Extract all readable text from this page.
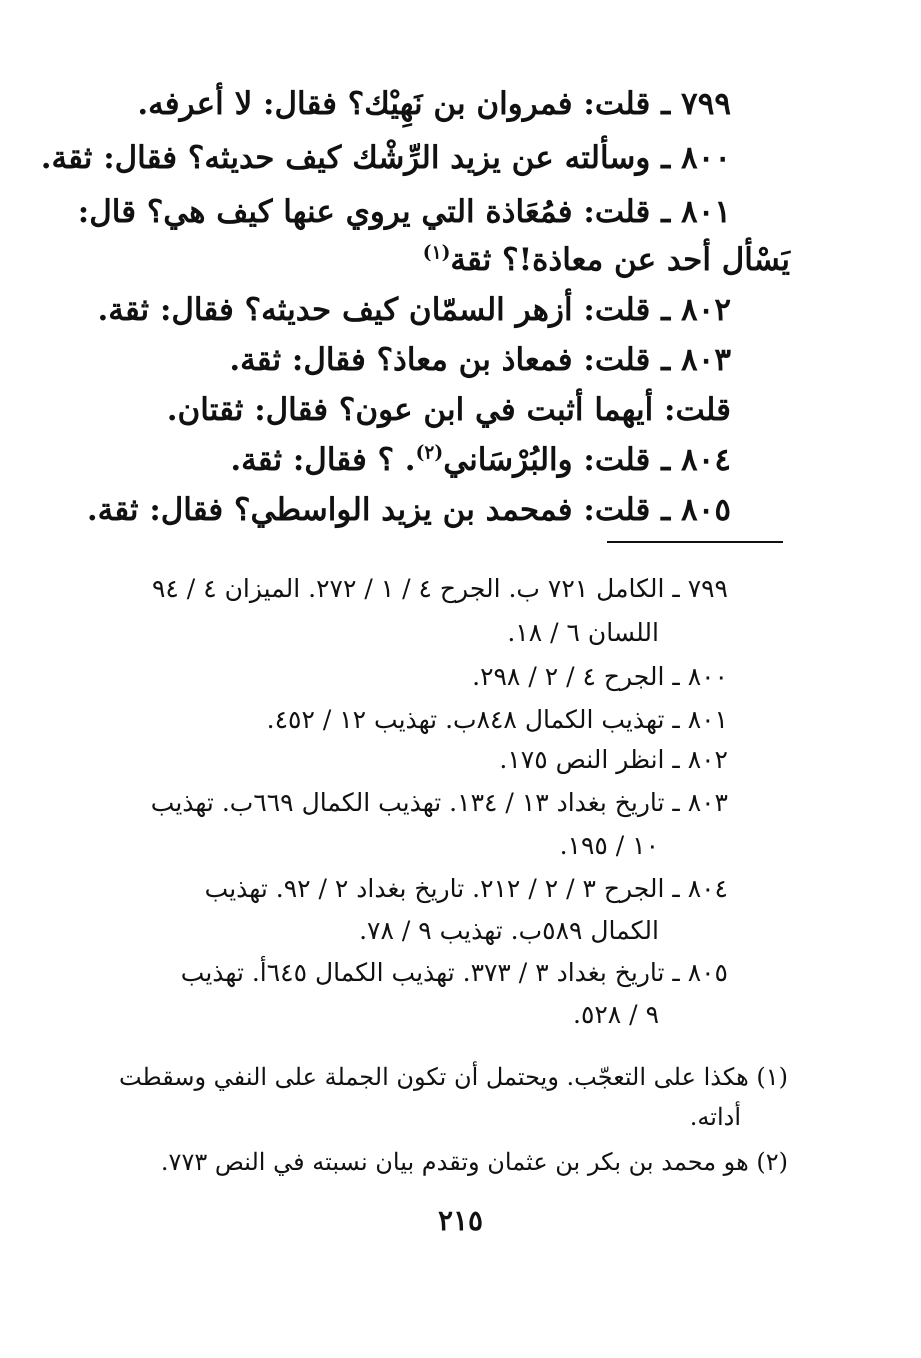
٧٩٩ ـ قلت: فمروان بن نَهِيْك؟ فقال: لا أعرفه.
٨٠٠ ـ وسألته عن يزيد الرِّشْك كيف حديثه؟ فقال: ثقة.
٨٠١ ـ قلت: فمُعَاذة التي يروي عنها كيف هي؟ قال:
يَسْأل أحد عن معاذة!؟ ثقة$^{(١)}$
٨٠٢ ـ قلت: أزهر السمّان كيف حديثه؟ فقال: ثقة.
٨٠٣ ـ قلت: فمعاذ بن معاذ؟ فقال: ثقة.
قلت: أيهما أثبت في ابن عون؟ فقال: ثقتان.
٨٠٤ ـ قلت: والبُرْسَاني$^{(٢)}$. ؟ فقال: ثقة.
٨٠٥ ـ قلت: فمحمد بن يزيد الواسطي؟ فقال: ثقة.
٧٩٩ ـ الكامل ٧٢١ ب. الجرح ٤ / ١ / ٢٧٢. الميزان ٤ / ٩٤
اللسان ٦ / ١٨.
٨٠٠ ـ الجرح ٤ / ٢ / ٢٩٨.
٨٠١ ـ تهذيب الكمال ٨٤٨ب. تهذيب ١٢ / ٤٥٢.
٨٠٢ ـ انظر النص ١٧٥.
٨٠٣ ـ تاريخ بغداد ١٣ / ١٣٤. تهذيب الكمال ٦٦٩ب. تهذيب
١٠ / ١٩٥.
٨٠٤ ـ الجرح ٣ / ٢ / ٢١٢. تاريخ بغداد ٢ / ٩٢. تهذيب
الكمال ٥٨٩ب. تهذيب ٩ / ٧٨.
٨٠٥ ـ تاريخ بغداد ٣ / ٣٧٣. تهذيب الكمال ٦٤٥أ. تهذيب
٩ / ٥٢٨.
(١) هكذا على التعجّب. ويحتمل أن تكون الجملة على النفي وسقطت
أداته.
(٢) هو محمد بن بكر بن عثمان وتقدم بيان نسبته في النص ٧٧٣.
٢١٥
